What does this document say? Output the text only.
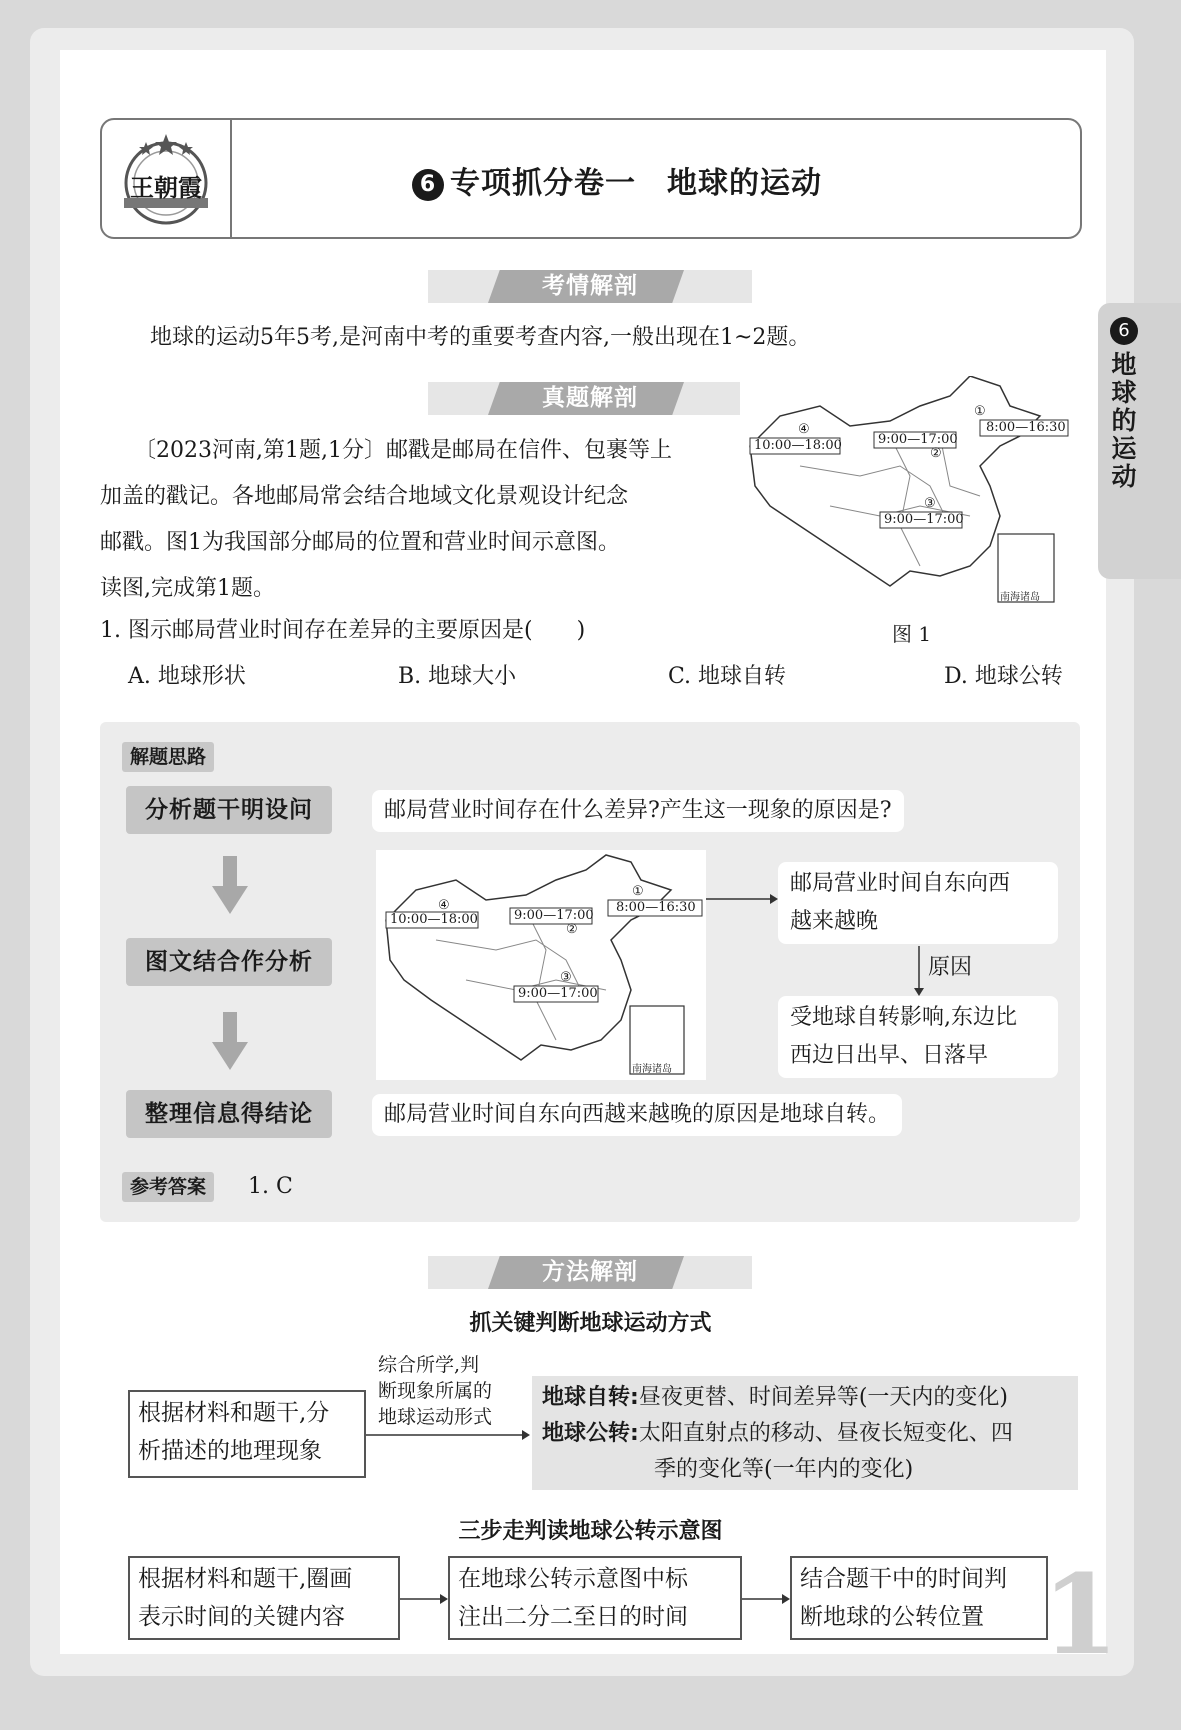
王朝霞	6 专项抓分卷一　地球的运动
6
地球的运动
考情解剖
地球的运动5年5考,是河南中考的重要考查内容,一般出现在1~2题。
真题解剖
〔2023河南,第1题,1分〕邮戳是邮局在信件、包裹等上
加盖的戳记。各地邮局常会结合地域文化景观设计纪念
邮戳。图1为我国部分邮局的位置和营业时间示意图。
读图,完成第1题。
1. 图示邮局营业时间存在差异的主要原因是(　　)
A. 地球形状	B. 地球大小	C. 地球自转	D. 地球公转
④
10:00—18:00	9:00—17:00
②
①
8:00—16:30
③
9:00—17:00
南海诸岛
图 1
解题思路
分析题干明设问
图文结合作分析
整理信息得结论
邮局营业时间存在什么差异?产生这一现象的原因是?
④
10:00—18:00	9:00—17:00
②
①
8:00—16:30
③
9:00—17:00
南海诸岛
邮局营业时间自东向西
越来越晚
原因
受地球自转影响,东边比
西边日出早、日落早
邮局营业时间自东向西越来越晚的原因是地球自转。
参考答案	1. C
方法解剖
抓关键判断地球运动方式
根据材料和题干,分
析描述的地理现象
综合所学,判
断现象所属的
地球运动形式
地球自转:昼夜更替、时间差异等(一天内的变化)
地球公转:太阳直射点的移动、昼夜长短变化、四
季的变化等(一年内的变化)
三步走判读地球公转示意图
根据材料和题干,圈画
表示时间的关键内容
在地球公转示意图中标
注出二分二至日的时间
结合题干中的时间判
断地球的公转位置 1
